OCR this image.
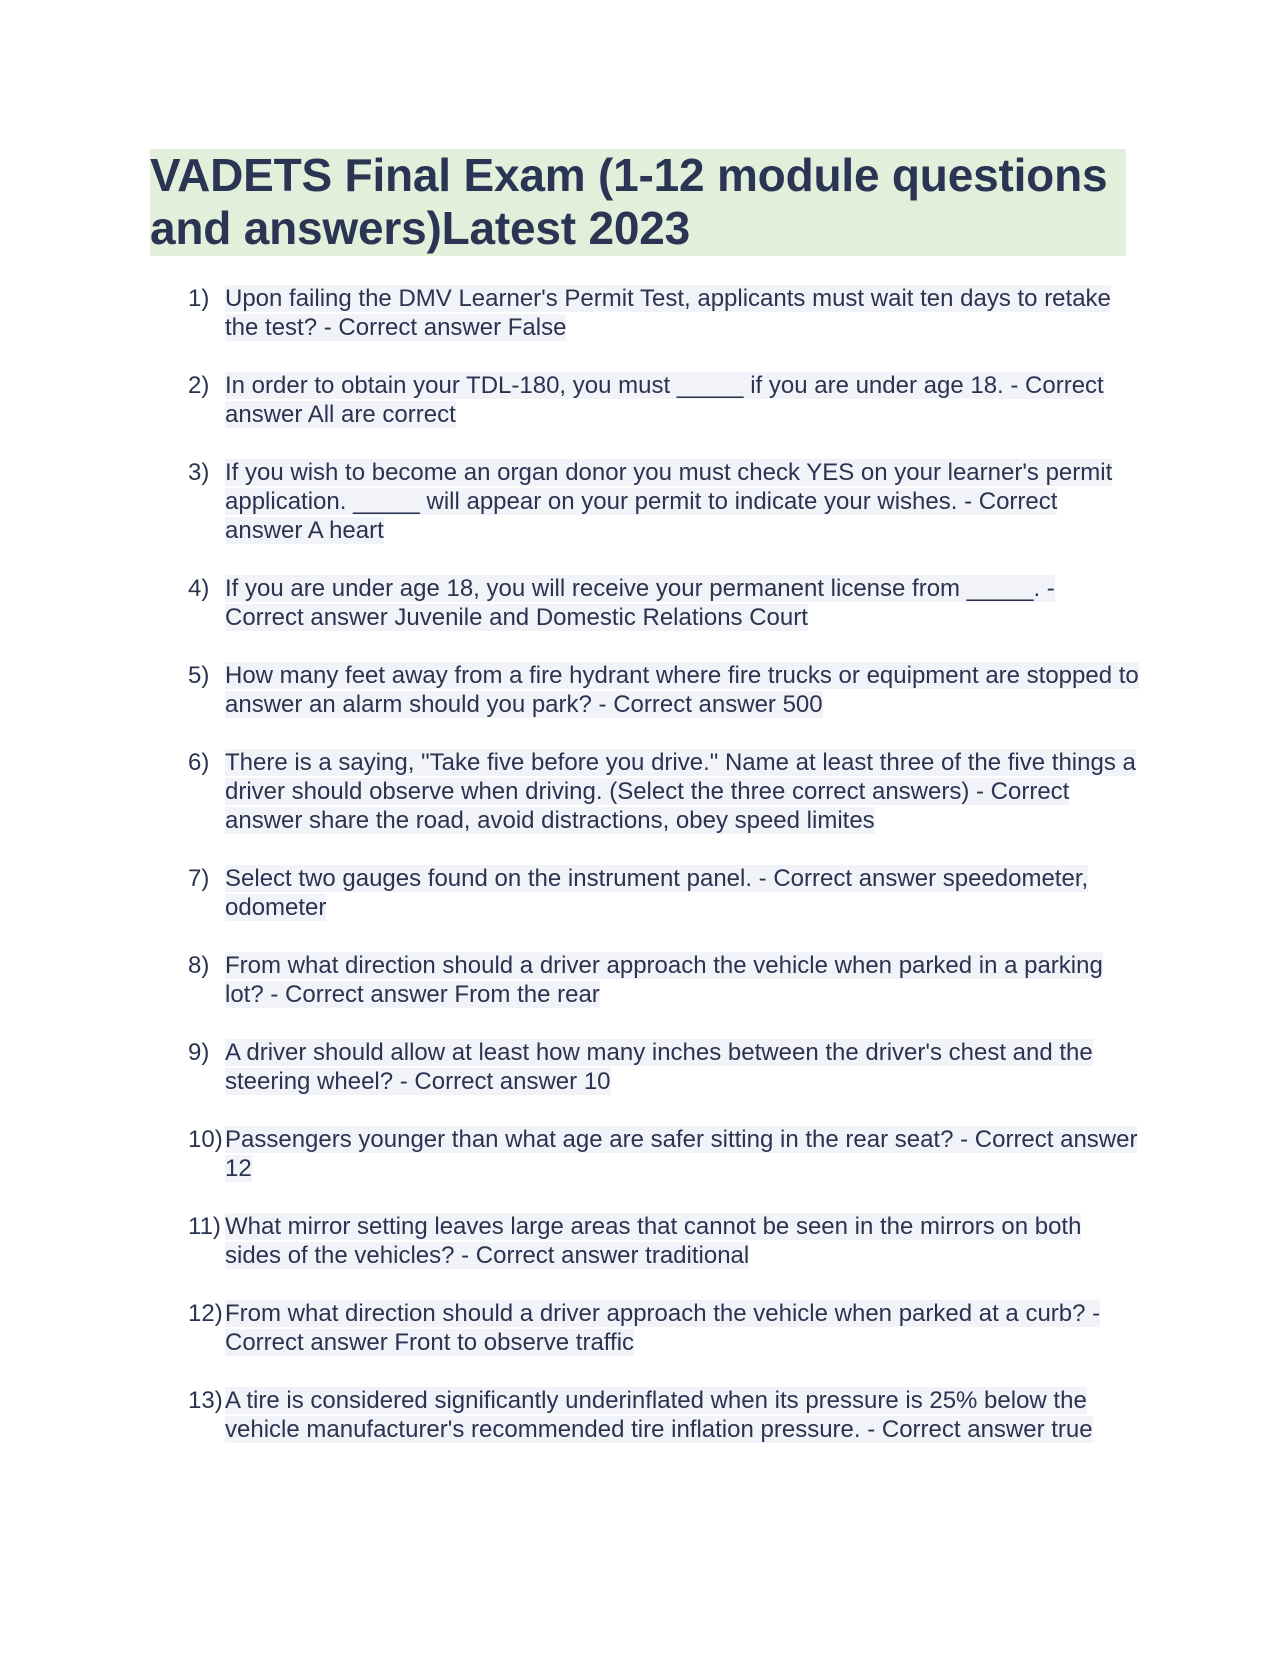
VADETS Final Exam (1-12 module questions and answers)Latest 2023
1) Upon failing the DMV Learner's Permit Test, applicants must wait ten days to retake the test? - Correct answer False
2) In order to obtain your TDL-180, you must _____ if you are under age 18. - Correct answer All are correct
3) If you wish to become an organ donor you must check YES on your learner's permit application. _____ will appear on your permit to indicate your wishes. - Correct answer A heart
4) If you are under age 18, you will receive your permanent license from _____. - Correct answer Juvenile and Domestic Relations Court
5) How many feet away from a fire hydrant where fire trucks or equipment are stopped to answer an alarm should you park? - Correct answer 500
6) There is a saying, "Take five before you drive." Name at least three of the five things a driver should observe when driving. (Select the three correct answers) - Correct answer share the road, avoid distractions, obey speed limites
7) Select two gauges found on the instrument panel. - Correct answer speedometer, odometer
8) From what direction should a driver approach the vehicle when parked in a parking lot? - Correct answer From the rear
9) A driver should allow at least how many inches between the driver's chest and the steering wheel? - Correct answer 10
10) Passengers younger than what age are safer sitting in the rear seat? - Correct answer 12
11) What mirror setting leaves large areas that cannot be seen in the mirrors on both sides of the vehicles? - Correct answer traditional
12) From what direction should a driver approach the vehicle when parked at a curb? - Correct answer Front to observe traffic
13) A tire is considered significantly underinflated when its pressure is 25% below the vehicle manufacturer's recommended tire inflation pressure. - Correct answer true
